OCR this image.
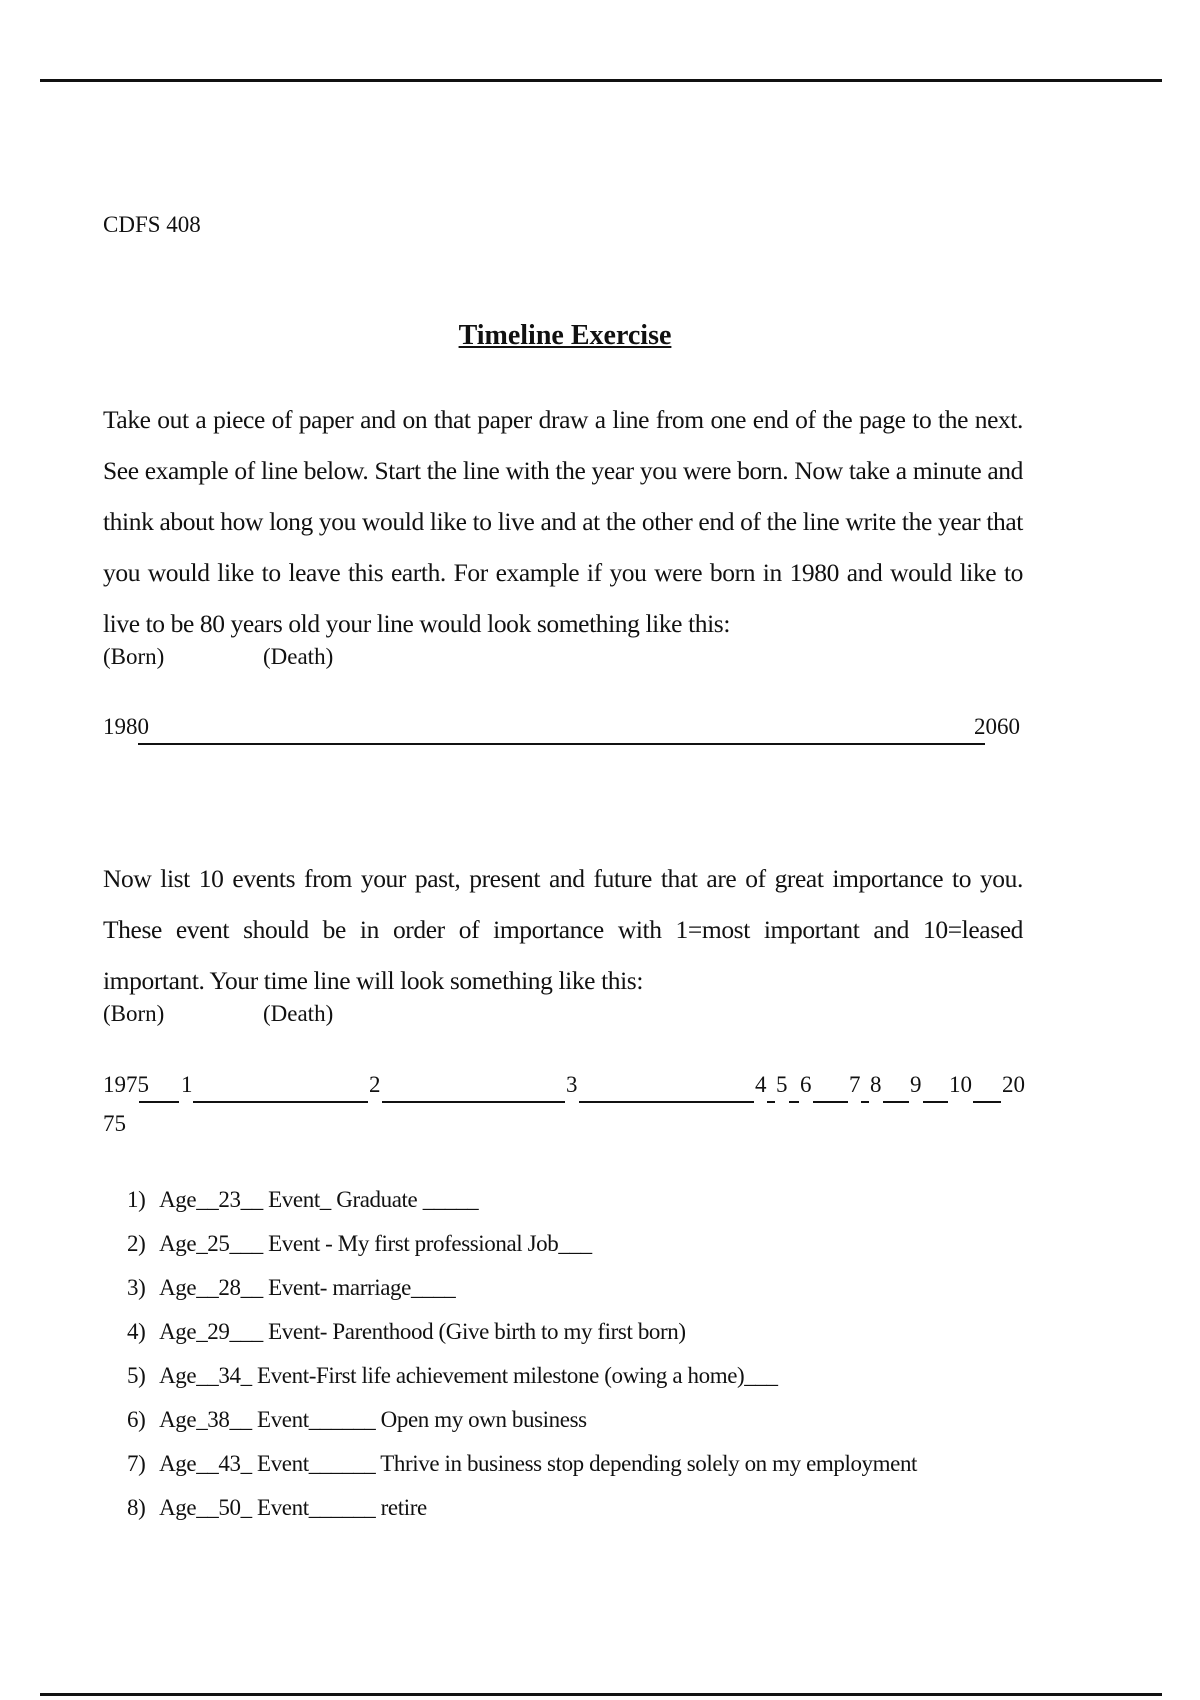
CDFS 408
Timeline Exercise
Take out a piece of paper and on that paper draw a line from one end of the page to the next. See example of line below. Start the line with the year you were born. Now take a minute and think about how long you would like to live and at the other end of the line write the year that you would like to leave this earth. For example if you were born in 1980 and would like to live to be 80 years old your line would look something like this:
(Born)	(Death)
1980	2060
Now list 10 events from your past, present and future that are of great importance to you. These event should be in order of importance with 1=most important and 10=leased important. Your time line will look something like this:
(Born)	(Death)
1975 1	2	3	4 5 6 7 8 9 10 20
75
1) Age__23__ Event_ Graduate _____
2) Age_25___ Event - My first professional Job___
3) Age__28__ Event- marriage____
4) Age_29___ Event- Parenthood (Give birth to my first born)
5) Age__34_ Event-First life achievement milestone (owing a home)___
6) Age_38__ Event______ Open my own business
7) Age__43_ Event______ Thrive in business stop depending solely on my employment
8) Age__50_ Event______ retire
